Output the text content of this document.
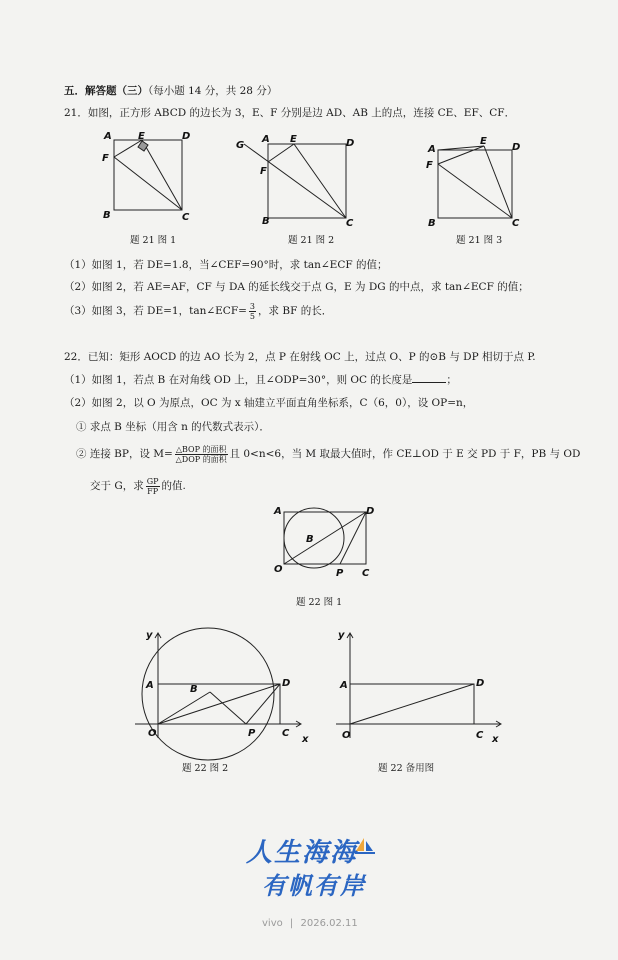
五．解答题（三）（每小题 14 分，共 28 分）
21．如图，正方形 ABCD 的边长为 3，E、F 分别是边 AD、AB 上的点，连接 CE、EF、CF．
A	E	D
F
B	C
题 21 图 1
G
A E	D
F
B	C
题 21 图 2
A
E
D
F
B	C
题 21 图 3
（1）如图 1，若 DE=1.8，当∠CEF=90°时，求 tan∠ECF 的值；
（2）如图 2，若 AE=AF，CF 与 DA 的延长线交于点 G，E 为 DG 的中点，求 tan∠ECF 的值；
（3）如图 3，若 DE=1，tan∠ECF= $\frac{3}{5}$ ，求 BF 的长．
22．已知：矩形 AOCD 的边 AO 长为 2，点 P 在射线 OC 上，过点 O、P 的⊙B 与 DP 相切于点 P.
（1）如图 1，若点 B 在对角线 OD 上，且∠ODP=30°，则 OC 的长度是	；
（2）如图 2，以 O 为原点，OC 为 x 轴建立平面直角坐标系，C（6，0），设 OP=n，
① 求点 B 坐标（用含 n 的代数式表示）．
② 连接 BP，设 $M= \frac{\text{△BOP 的面积}}{\text{△DOP 的面积}}$ 且 0<n<6，当 M 取最大值时，作 CE⊥OD 于 E 交 PD 于 F，PB 与 OD
交于 G，求 $\frac{GP}{FP}$ 的值.
A	D
B
O	P C
题 22 图 1
y
A	B
D
O	P	C
x
题 22 图 2
y
A	D
O	C x
题 22 备用图
人生海海
有帆有岸
vivo | 2026.02.11
